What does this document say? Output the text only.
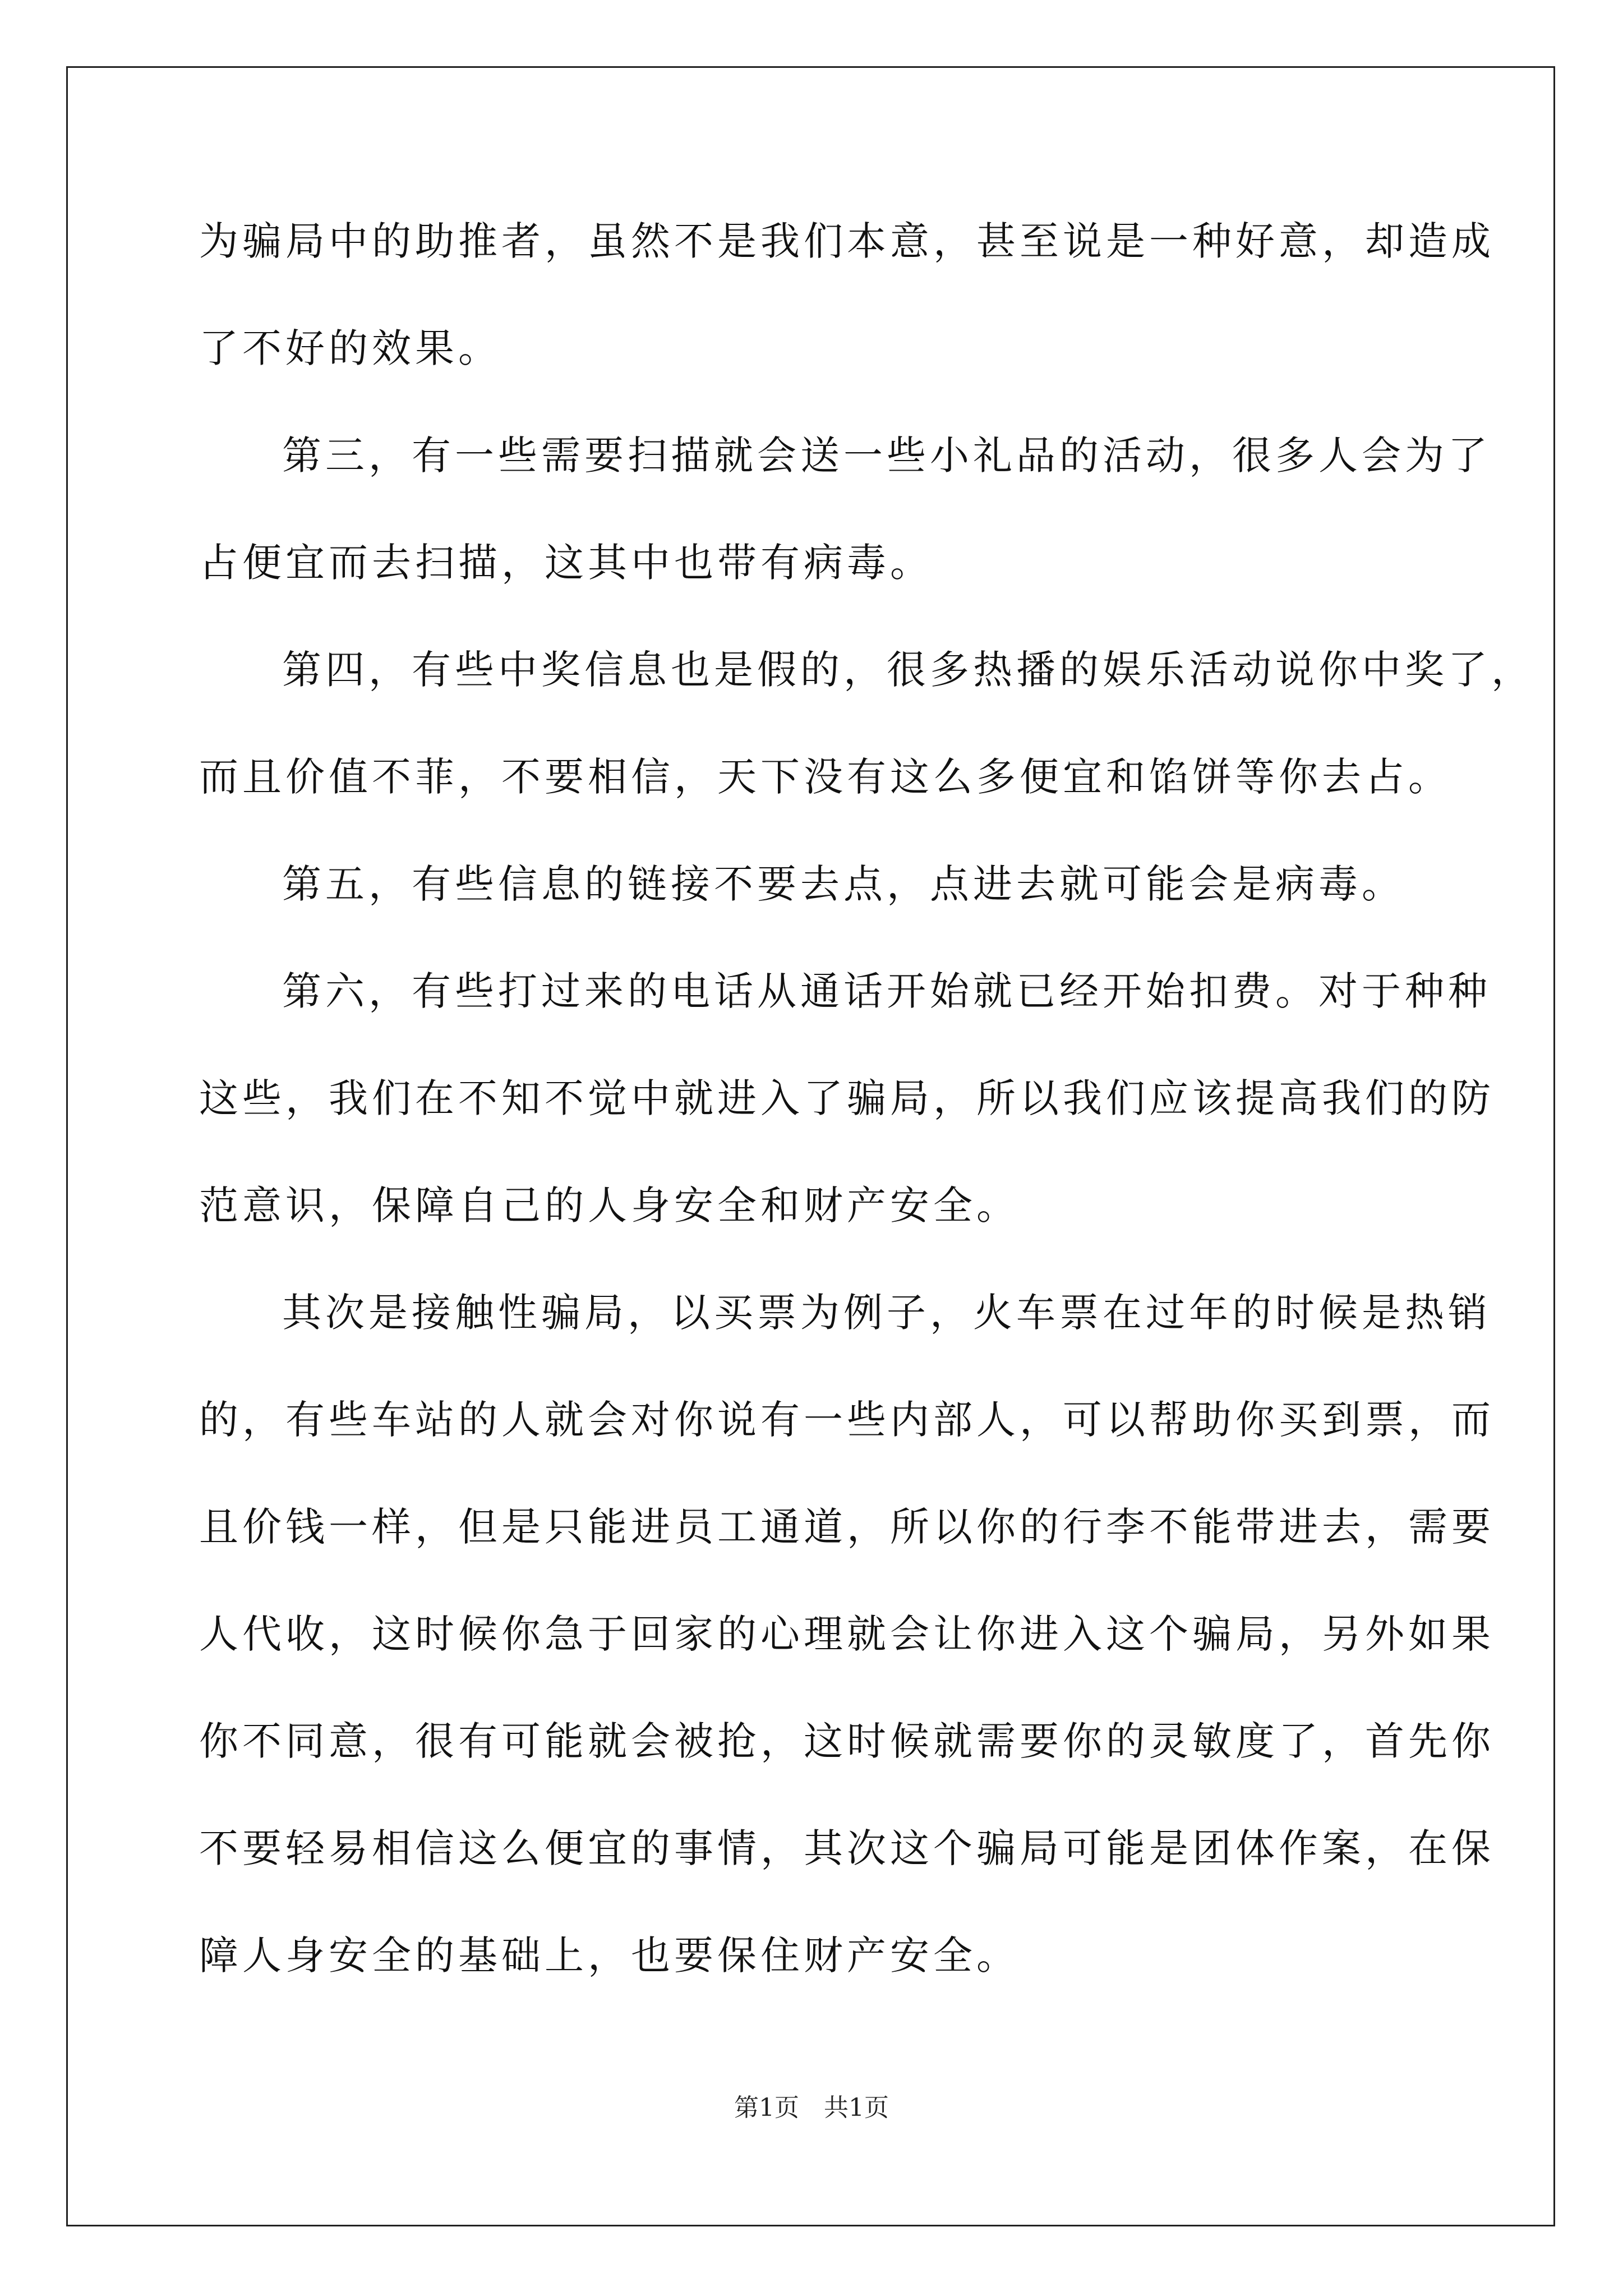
为骗局中的助推者，虽然不是我们本意，甚至说是一种好意，却造成
了不好的效果。
第三，有一些需要扫描就会送一些小礼品的活动，很多人会为了
占便宜而去扫描，这其中也带有病毒。
第四，有些中奖信息也是假的，很多热播的娱乐活动说你中奖了，
而且价值不菲，不要相信，天下没有这么多便宜和馅饼等你去占。
第五，有些信息的链接不要去点，点进去就可能会是病毒。
第六，有些打过来的电话从通话开始就已经开始扣费。对于种种
这些，我们在不知不觉中就进入了骗局，所以我们应该提高我们的防
范意识，保障自己的人身安全和财产安全。
其次是接触性骗局，以买票为例子，火车票在过年的时候是热销
的，有些车站的人就会对你说有一些内部人，可以帮助你买到票，而
且价钱一样，但是只能进员工通道，所以你的行李不能带进去，需要
人代收，这时候你急于回家的心理就会让你进入这个骗局，另外如果
你不同意，很有可能就会被抢，这时候就需要你的灵敏度了，首先你
不要轻易相信这么便宜的事情，其次这个骗局可能是团体作案，在保
障人身安全的基础上，也要保住财产安全。
第1页　共1页
